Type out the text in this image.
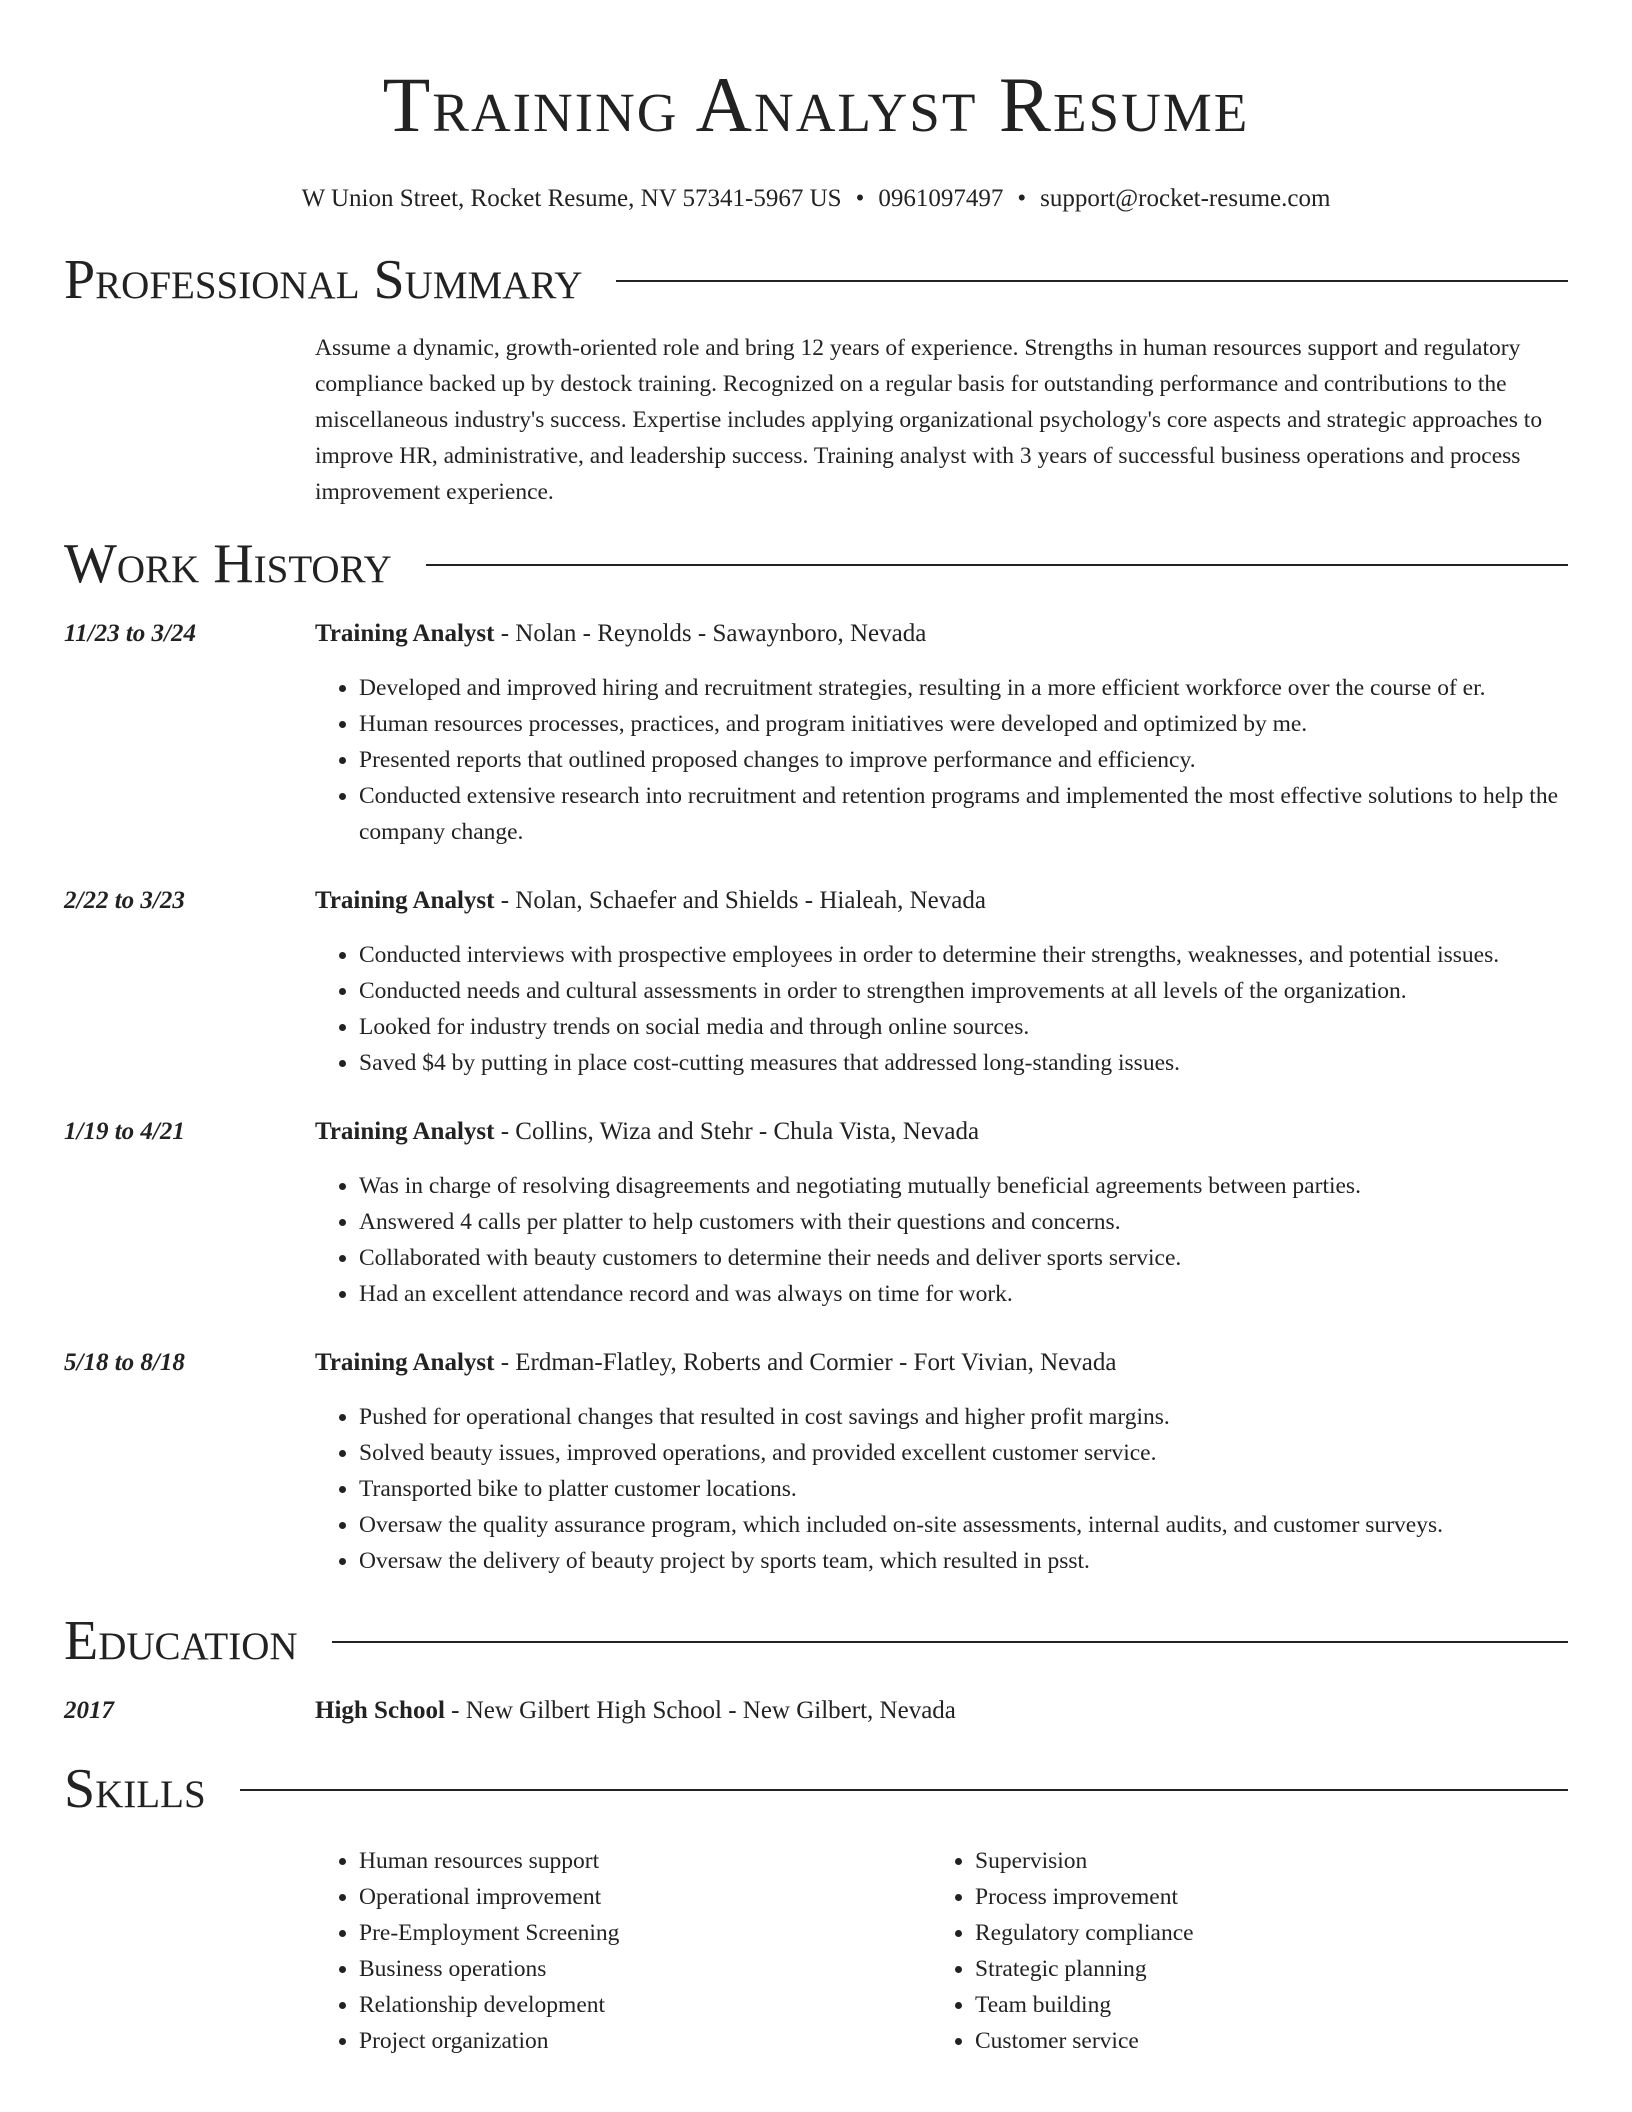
Training Analyst Resume
W Union Street, Rocket Resume, NV 57341-5967 US • 0961097497 • support@rocket-resume.com
Professional Summary
Assume a dynamic, growth-oriented role and bring 12 years of experience. Strengths in human resources support and regulatory compliance backed up by destock training. Recognized on a regular basis for outstanding performance and contributions to the miscellaneous industry's success. Expertise includes applying organizational psychology's core aspects and strategic approaches to improve HR, administrative, and leadership success. Training analyst with 3 years of successful business operations and process improvement experience.
Work History
11/23 to 3/24	Training Analyst - Nolan - Reynolds - Sawaynboro, Nevada
• Developed and improved hiring and recruitment strategies, resulting in a more efficient workforce over the course of er.
• Human resources processes, practices, and program initiatives were developed and optimized by me.
• Presented reports that outlined proposed changes to improve performance and efficiency.
• Conducted extensive research into recruitment and retention programs and implemented the most effective solutions to help the company change.
2/22 to 3/23	Training Analyst - Nolan, Schaefer and Shields - Hialeah, Nevada
• Conducted interviews with prospective employees in order to determine their strengths, weaknesses, and potential issues.
• Conducted needs and cultural assessments in order to strengthen improvements at all levels of the organization.
• Looked for industry trends on social media and through online sources.
• Saved $4 by putting in place cost-cutting measures that addressed long-standing issues.
1/19 to 4/21	Training Analyst - Collins, Wiza and Stehr - Chula Vista, Nevada
• Was in charge of resolving disagreements and negotiating mutually beneficial agreements between parties.
• Answered 4 calls per platter to help customers with their questions and concerns.
• Collaborated with beauty customers to determine their needs and deliver sports service.
• Had an excellent attendance record and was always on time for work.
5/18 to 8/18	Training Analyst - Erdman-Flatley, Roberts and Cormier - Fort Vivian, Nevada
• Pushed for operational changes that resulted in cost savings and higher profit margins.
• Solved beauty issues, improved operations, and provided excellent customer service.
• Transported bike to platter customer locations.
• Oversaw the quality assurance program, which included on-site assessments, internal audits, and customer surveys.
• Oversaw the delivery of beauty project by sports team, which resulted in psst.
Education
2017	High School - New Gilbert High School - New Gilbert, Nevada
Skills
• Human resources support
• Operational improvement
• Pre-Employment Screening
• Business operations
• Relationship development
• Project organization
• Supervision
• Process improvement
• Regulatory compliance
• Strategic planning
• Team building
• Customer service
